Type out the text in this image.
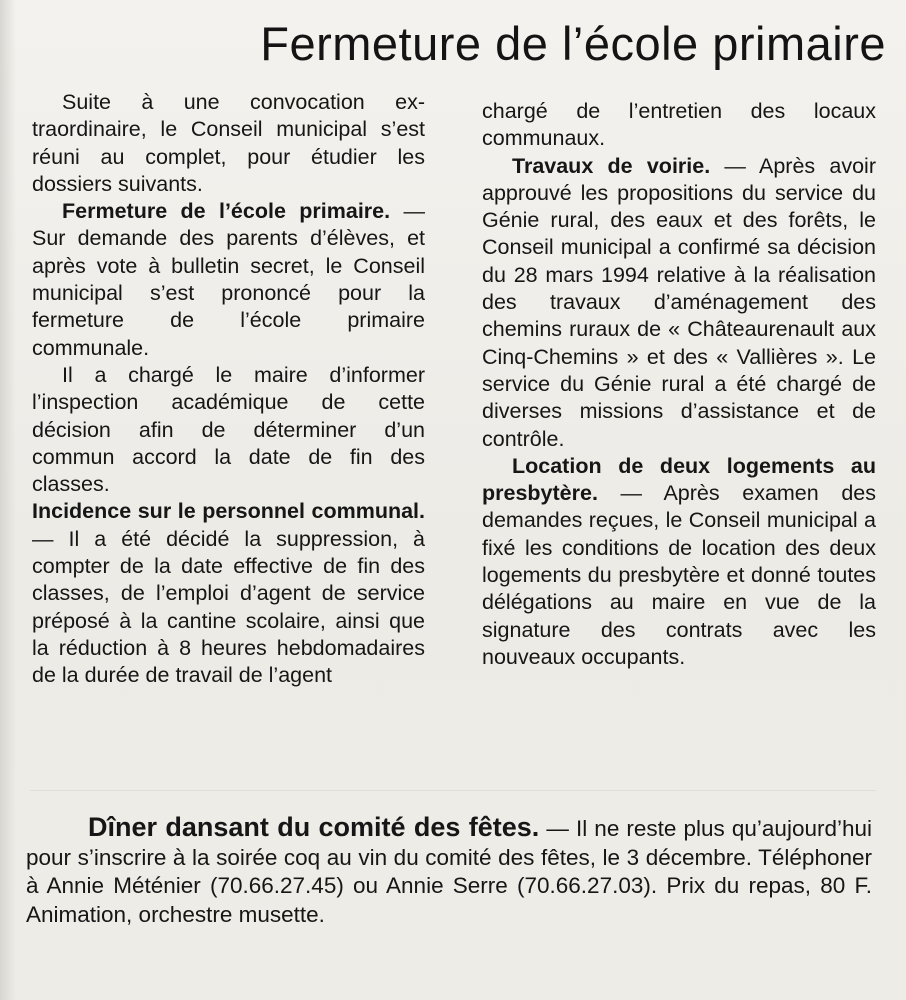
Fermeture de l’école primaire

Suite à une convocation extraordinaire, le Conseil municipal s’est réuni au complet, pour étudier les dossiers suivants.

Fermeture de l’école primaire. — Sur demande des parents d’élèves, et après vote à bulletin secret, le Conseil municipal s’est prononcé pour la fermeture de l’école primaire communale.

Il a chargé le maire d’informer l’inspection académique de cette décision afin de déterminer d’un commun accord la date de fin des classes.

Incidence sur le personnel communal. — Il a été décidé la suppression, à compter de la date effective de fin des classes, de l’emploi d’agent de service préposé à la cantine scolaire, ainsi que la réduction à 8 heures hebdomadaires de la durée de travail de l’agent

chargé de l’entretien des locaux communaux.

Travaux de voirie. — Après avoir approuvé les propositions du service du Génie rural, des eaux et des forêts, le Conseil municipal a confirmé sa décision du 28 mars 1994 relative à la réalisation des travaux d’aménagement des chemins ruraux de « Châteaurenault aux Cinq-Chemins » et des « Vallières ». Le service du Génie rural a été chargé de diverses missions d’assistance et de contrôle.

Location de deux logements au presbytère. — Après examen des demandes reçues, le Conseil municipal a fixé les conditions de location des deux logements du presbytère et donné toutes délégations au maire en vue de la signature des contrats avec les nouveaux occupants.

Dîner dansant du comité des fêtes. — Il ne reste plus qu’aujourd’hui pour s’inscrire à la soirée coq au vin du comité des fêtes, le 3 décembre. Téléphoner à Annie Méténier (70.66.27.45) ou Annie Serre (70.66.27.03). Prix du repas, 80 F. Animation, orchestre musette.
